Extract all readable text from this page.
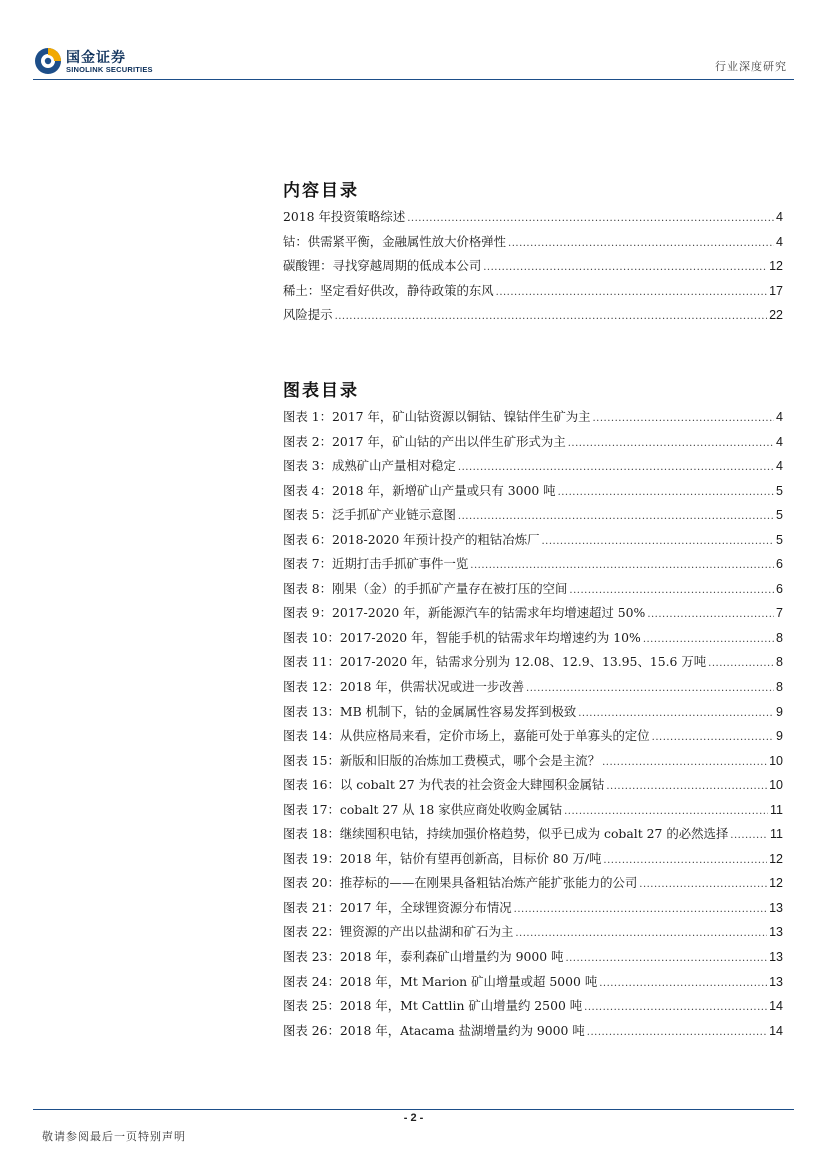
国金证券
SINOLINK SECURITIES	行业深度研究
内容目录
2018 年投资策略综述 .....	4
钴：供需紧平衡，金融属性放大价格弹性 .....	4
碳酸锂：寻找穿越周期的低成本公司 .....	12
稀土：坚定看好供改，静待政策的东风 .....	17
风险提示 .....	22
图表目录
图表 1：2017 年，矿山钴资源以铜钴、镍钴伴生矿为主 .....	4
图表 2：2017 年，矿山钴的产出以伴生矿形式为主 .....	4
图表 3：成熟矿山产量相对稳定 .....	4
图表 4：2018 年，新增矿山产量或只有 3000 吨 .....	5
图表 5：泛手抓矿产业链示意图 .....	5
图表 6：2018-2020 年预计投产的粗钴冶炼厂 .....	5
图表 7：近期打击手抓矿事件一览 .....	6
图表 8：刚果（金）的手抓矿产量存在被打压的空间 .....	6
图表 9：2017-2020 年，新能源汽车的钴需求年均增速超过 50% .....	7
图表 10：2017-2020 年，智能手机的钴需求年均增速约为 10% .....	8
图表 11：2017-2020 年，钴需求分别为 12.08、12.9、13.95、15.6 万吨 .....	8
图表 12：2018 年，供需状况或进一步改善 .....	8
图表 13：MB 机制下，钴的金属属性容易发挥到极致 .....	9
图表 14：从供应格局来看，定价市场上，嘉能可处于单寡头的定位 .....	9
图表 15：新版和旧版的冶炼加工费模式，哪个会是主流？ .....	10
图表 16：以 cobalt 27 为代表的社会资金大肆囤积金属钴 .....	10
图表 17：cobalt 27 从 18 家供应商处收购金属钴 .....	11
图表 18：继续囤积电钴，持续加强价格趋势，似乎已成为 cobalt 27 的必然选择 .....	11
图表 19：2018 年，钴价有望再创新高，目标价 80 万/吨 .....	12
图表 20：推荐标的——在刚果具备粗钴冶炼产能扩张能力的公司 .....	12
图表 21：2017 年，全球锂资源分布情况 .....	13
图表 22：锂资源的产出以盐湖和矿石为主 .....	13
图表 23：2018 年，泰利森矿山增量约为 9000 吨 .....	13
图表 24：2018 年，Mt Marion 矿山增量或超 5000 吨 .....	13
图表 25：2018 年，Mt Cattlin 矿山增量约 2500 吨 .....	14
图表 26：2018 年，Atacama 盐湖增量约为 9000 吨 .....	14
- 2 -
敬请参阅最后一页特别声明
